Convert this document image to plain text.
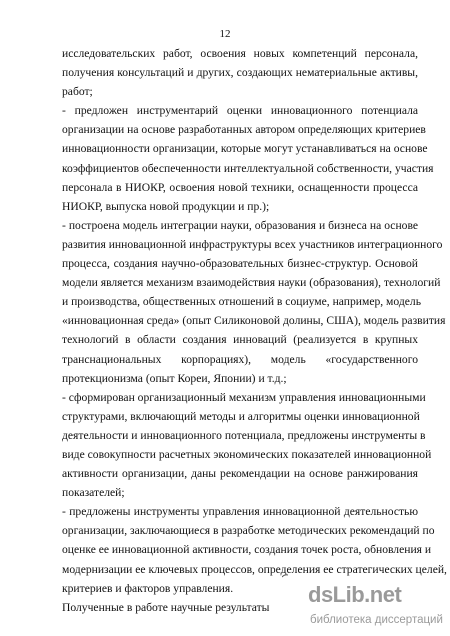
12
исследовательских работ, освоения новых компетенций персонала,
получения консультаций и других, создающих нематериальные активы,
работ;
- предложен инструментарий оценки инновационного потенциала
организации на основе разработанных автором определяющих критериев
инновационности организации, которые могут устанавливаться на основе
коэффициентов обеспеченности интеллектуальной собственности, участия
персонала в НИОКР, освоения новой техники, оснащенности процесса
НИОКР, выпуска новой продукции и пр.);
- построена модель интеграции науки, образования и бизнеса на основе
развития инновационной инфраструктуры всех участников интеграционного
процесса, создания научно-образовательных бизнес-структур. Основой
модели является механизм взаимодействия науки (образования), технологий
и производства, общественных отношений в социуме, например, модель
«инновационная среда» (опыт Силиконовой долины, США), модель развития
технологий в области создания инноваций (реализуется в крупных
транснациональных корпорациях), модель «государственного
протекционизма (опыт Кореи, Японии) и т.д.;
- сформирован организационный механизм управления инновационными
структурами, включающий методы и алгоритмы оценки инновационной
деятельности и инновационного потенциала, предложены инструменты в
виде совокупности расчетных экономических показателей инновационной
активности организации, даны рекомендации на основе ранжирования
показателей;
- предложены инструменты управления инновационной деятельностью
организации, заключающиеся в разработке методических рекомендаций по
оценке ее инновационной активности, создания точек роста, обновления и
модернизации ее ключевых процессов, определения ее стратегических целей,
критериев и факторов управления.
Полученные в работе научные результаты
dsLib.net
библиотека диссертаций
